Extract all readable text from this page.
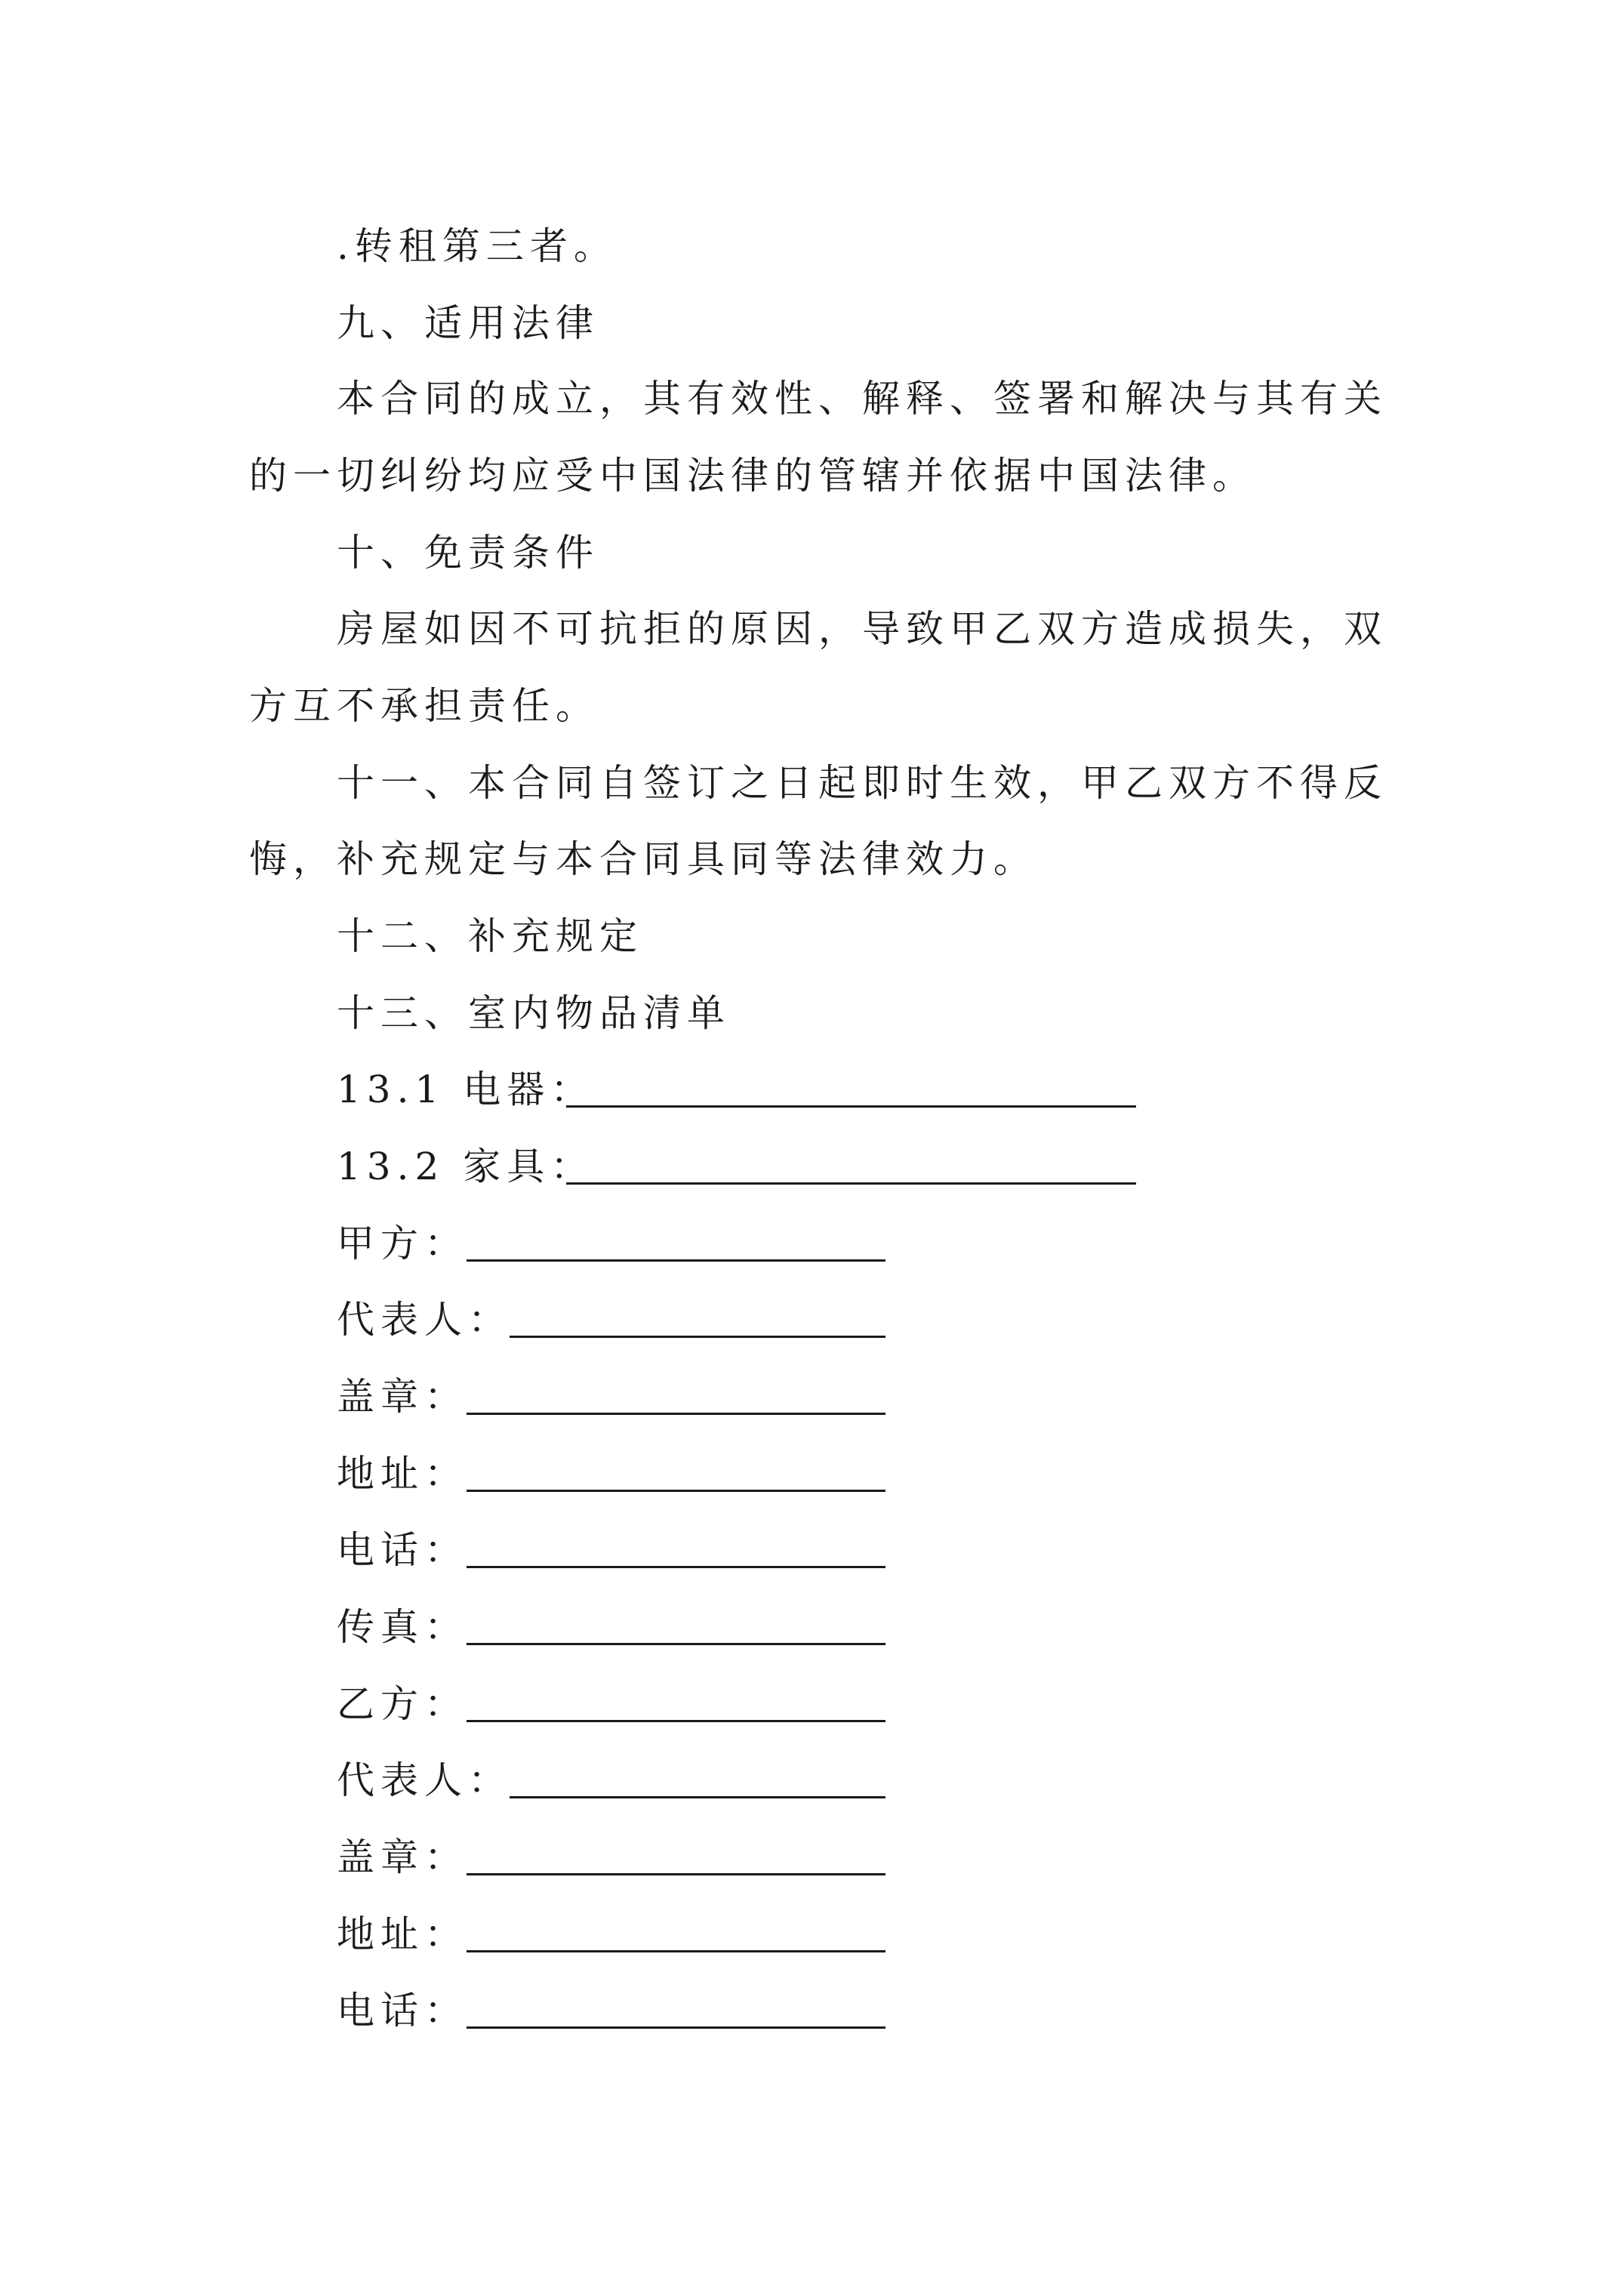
.转租第三者。
九、适用法律
本合同的成立，其有效性、解释、签署和解决与其有关
的一切纠纷均应受中国法律的管辖并依据中国法律。
十、免责条件
房屋如因不可抗拒的原因，导致甲乙双方造成损失，双
方互不承担责任。
十一、本合同自签订之日起即时生效，甲乙双方不得反
悔，补充规定与本合同具同等法律效力。
十二、补充规定
十三、室内物品清单
13.1 电器：
13.2 家具：
甲方：
代表人：
盖章：
地址：
电话：
传真：
乙方：
代表人：
盖章：
地址：
电话：
